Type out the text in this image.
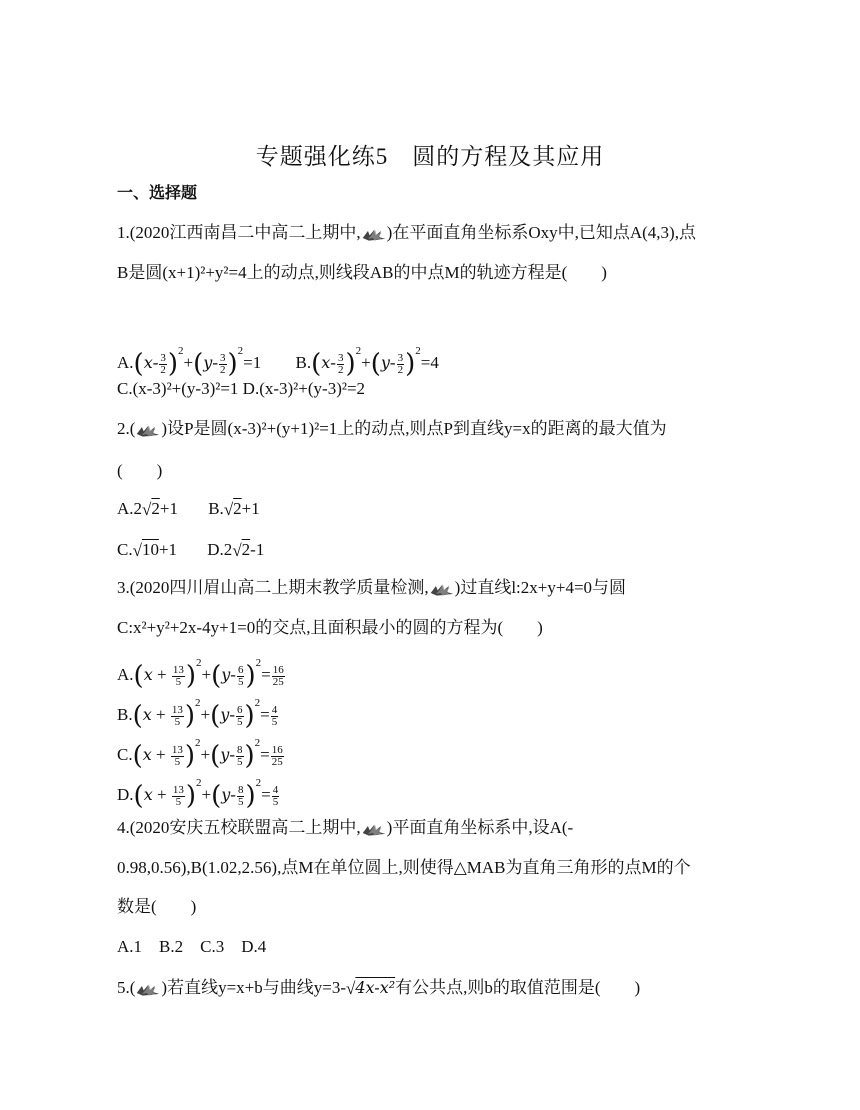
专题强化练5　圆的方程及其应用
一、选择题
1.(2020江西南昌二中高二上期中, )在平面直角坐标系Oxy中,已知点A(4,3),点
B是圆(x+1)²+y²=4上的动点,则线段AB的中点M的轨迹方程是(　　)
$A.(x- \frac{3}{2} )^2+(y- \frac{3}{2} )^2=1$ $B.(x- \frac{3}{2} )^2+(y- \frac{3}{2} )^2=4$
C.(x-3)²+(y-3)²=1 D.(x-3)²+(y-3)²=2
2.( )设P是圆(x-3)²+(y+1)²=1上的动点,则点P到直线y=x的距离的最大值为
(　　)
A.2√2+1 B.√2+1
C.√10+1 D.2√2-1
3.(2020四川眉山高二上期末教学质量检测, )过直线l:2x+y+4=0与圆
C:x²+y²+2x-4y+1=0的交点,且面积最小的圆的方程为(　　)
$A.(x + \frac{13}{5} )^2+(y- \frac{6}{5} )^2= \frac{16}{25}$
$B.(x + \frac{13}{5} )^2+(y- \frac{6}{5} )^2= \frac{4}{5}$
$C.(x + \frac{13}{5} )^2+(y- \frac{8}{5} )^2= \frac{16}{25}$
$D.(x + \frac{13}{5} )^2+(y- \frac{8}{5} )^2= \frac{4}{5}$
4.(2020安庆五校联盟高二上期中, )平面直角坐标系中,设A(-
0.98,0.56),B(1.02,2.56),点M在单位圆上,则使得△MAB为直角三角形的点M的个
数是(　　)
A.1　B.2　C.3　D.4
5.( )若直线y=x+b与曲线y=3-√4x-x²有公共点,则b的取值范围是(　　)
